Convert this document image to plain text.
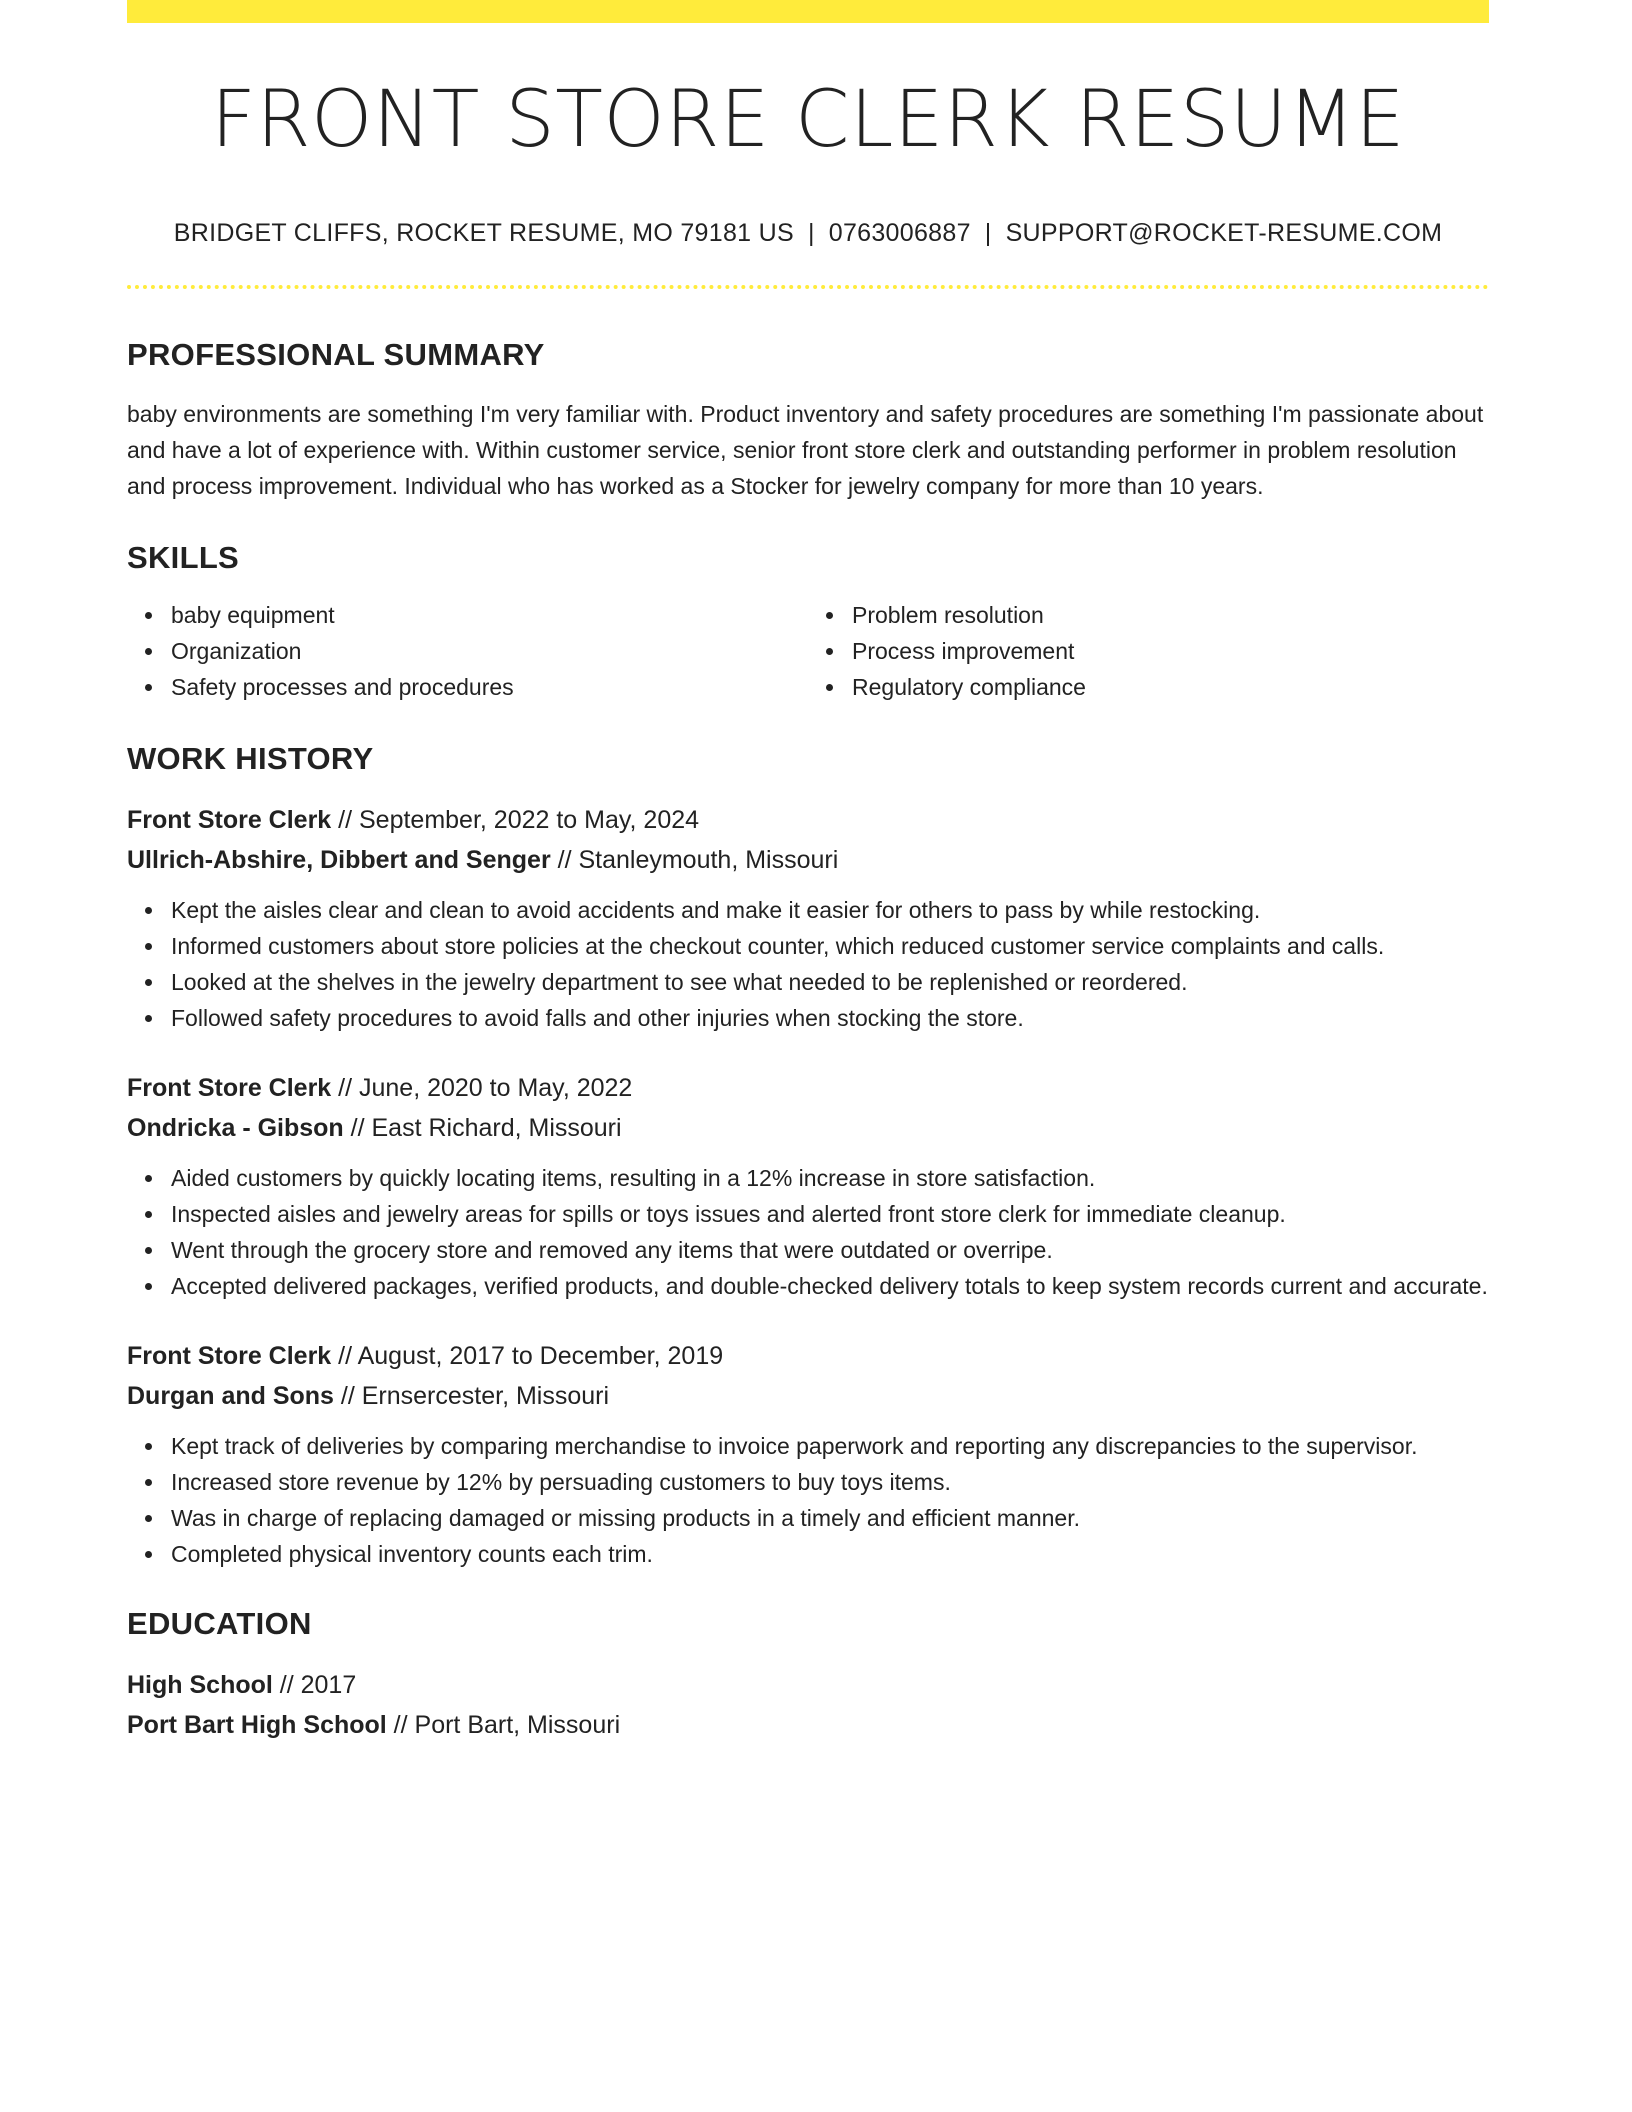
FRONT STORE CLERK RESUME
BRIDGET CLIFFS, ROCKET RESUME, MO 79181 US | 0763006887 | SUPPORT@ROCKET-RESUME.COM
PROFESSIONAL SUMMARY

baby environments are something I'm very familiar with. Product inventory and safety procedures are something I'm passionate about and have a lot of experience with. Within customer service, senior front store clerk and outstanding performer in problem resolution and process improvement. Individual who has worked as a Stocker for jewelry company for more than 10 years.

SKILLS
baby equipment
Organization
Safety processes and procedures
Problem resolution
Process improvement
Regulatory compliance
WORK HISTORY
Front Store Clerk // September, 2022 to May, 2024
Ullrich-Abshire, Dibbert and Senger // Stanleymouth, Missouri
Kept the aisles clear and clean to avoid accidents and make it easier for others to pass by while restocking.
Informed customers about store policies at the checkout counter, which reduced customer service complaints and calls.
Looked at the shelves in the jewelry department to see what needed to be replenished or reordered.
Followed safety procedures to avoid falls and other injuries when stocking the store.
Front Store Clerk // June, 2020 to May, 2022
Ondricka - Gibson // East Richard, Missouri
Aided customers by quickly locating items, resulting in a 12% increase in store satisfaction.
Inspected aisles and jewelry areas for spills or toys issues and alerted front store clerk for immediate cleanup.
Went through the grocery store and removed any items that were outdated or overripe.
Accepted delivered packages, verified products, and double-checked delivery totals to keep system records current and accurate.
Front Store Clerk // August, 2017 to December, 2019
Durgan and Sons // Ernsercester, Missouri
Kept track of deliveries by comparing merchandise to invoice paperwork and reporting any discrepancies to the supervisor.
Increased store revenue by 12% by persuading customers to buy toys items.
Was in charge of replacing damaged or missing products in a timely and efficient manner.
Completed physical inventory counts each trim.
EDUCATION
High School // 2017
Port Bart High School // Port Bart, Missouri
